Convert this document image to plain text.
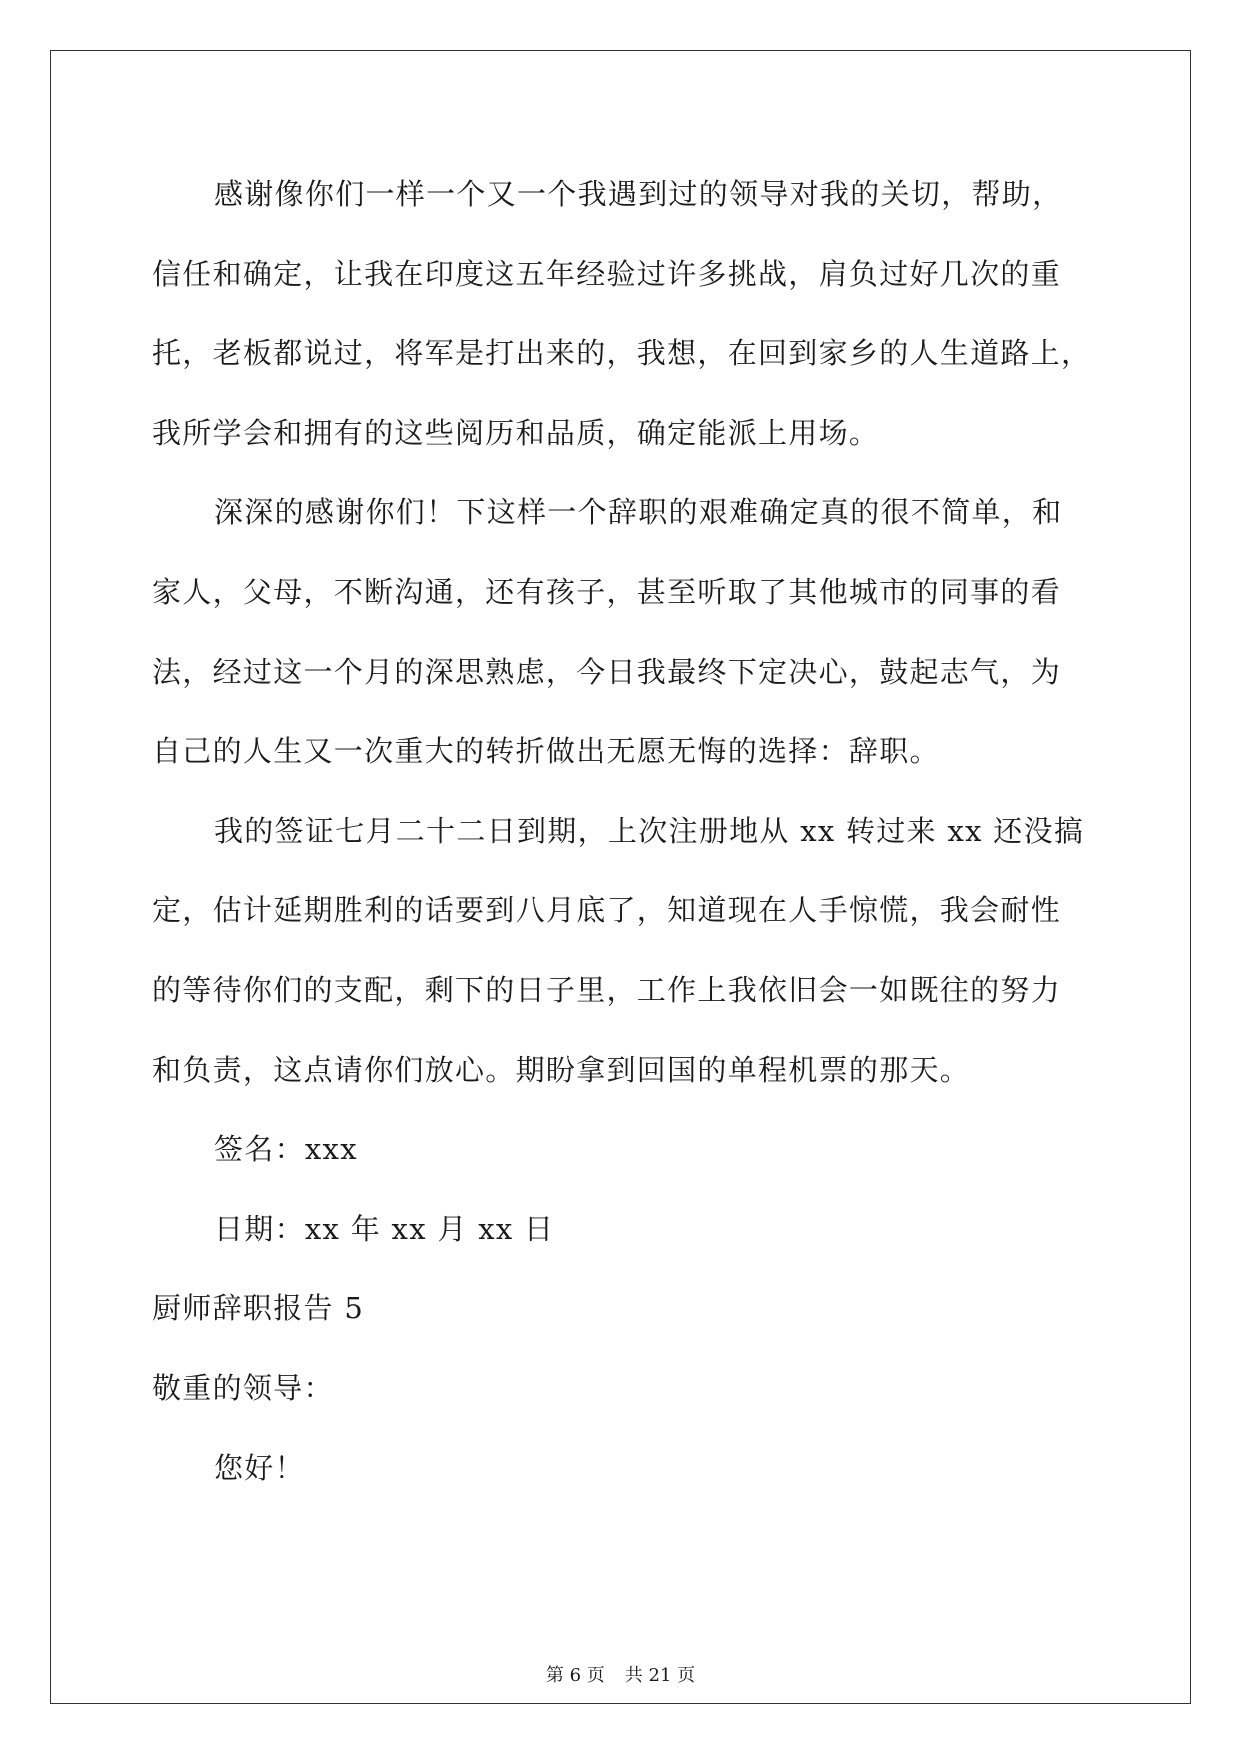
感谢像你们一样一个又一个我遇到过的领导对我的关切，帮助，
信任和确定，让我在印度这五年经验过许多挑战，肩负过好几次的重
托，老板都说过，将军是打出来的，我想，在回到家乡的人生道路上，
我所学会和拥有的这些阅历和品质，确定能派上用场。
深深的感谢你们！下这样一个辞职的艰难确定真的很不简单，和
家人，父母，不断沟通，还有孩子，甚至听取了其他城市的同事的看
法，经过这一个月的深思熟虑，今日我最终下定决心，鼓起志气，为
自己的人生又一次重大的转折做出无愿无悔的选择：辞职。
我的签证七月二十二日到期，上次注册地从 xx 转过来 xx 还没搞
定，估计延期胜利的话要到八月底了，知道现在人手惊慌，我会耐性
的等待你们的支配，剩下的日子里，工作上我依旧会一如既往的努力
和负责，这点请你们放心。期盼拿到回国的单程机票的那天。
签名：xxx
日期：xx 年 xx 月 xx 日
厨师辞职报告 5
敬重的领导：
您好！
第 6 页 共 21 页
